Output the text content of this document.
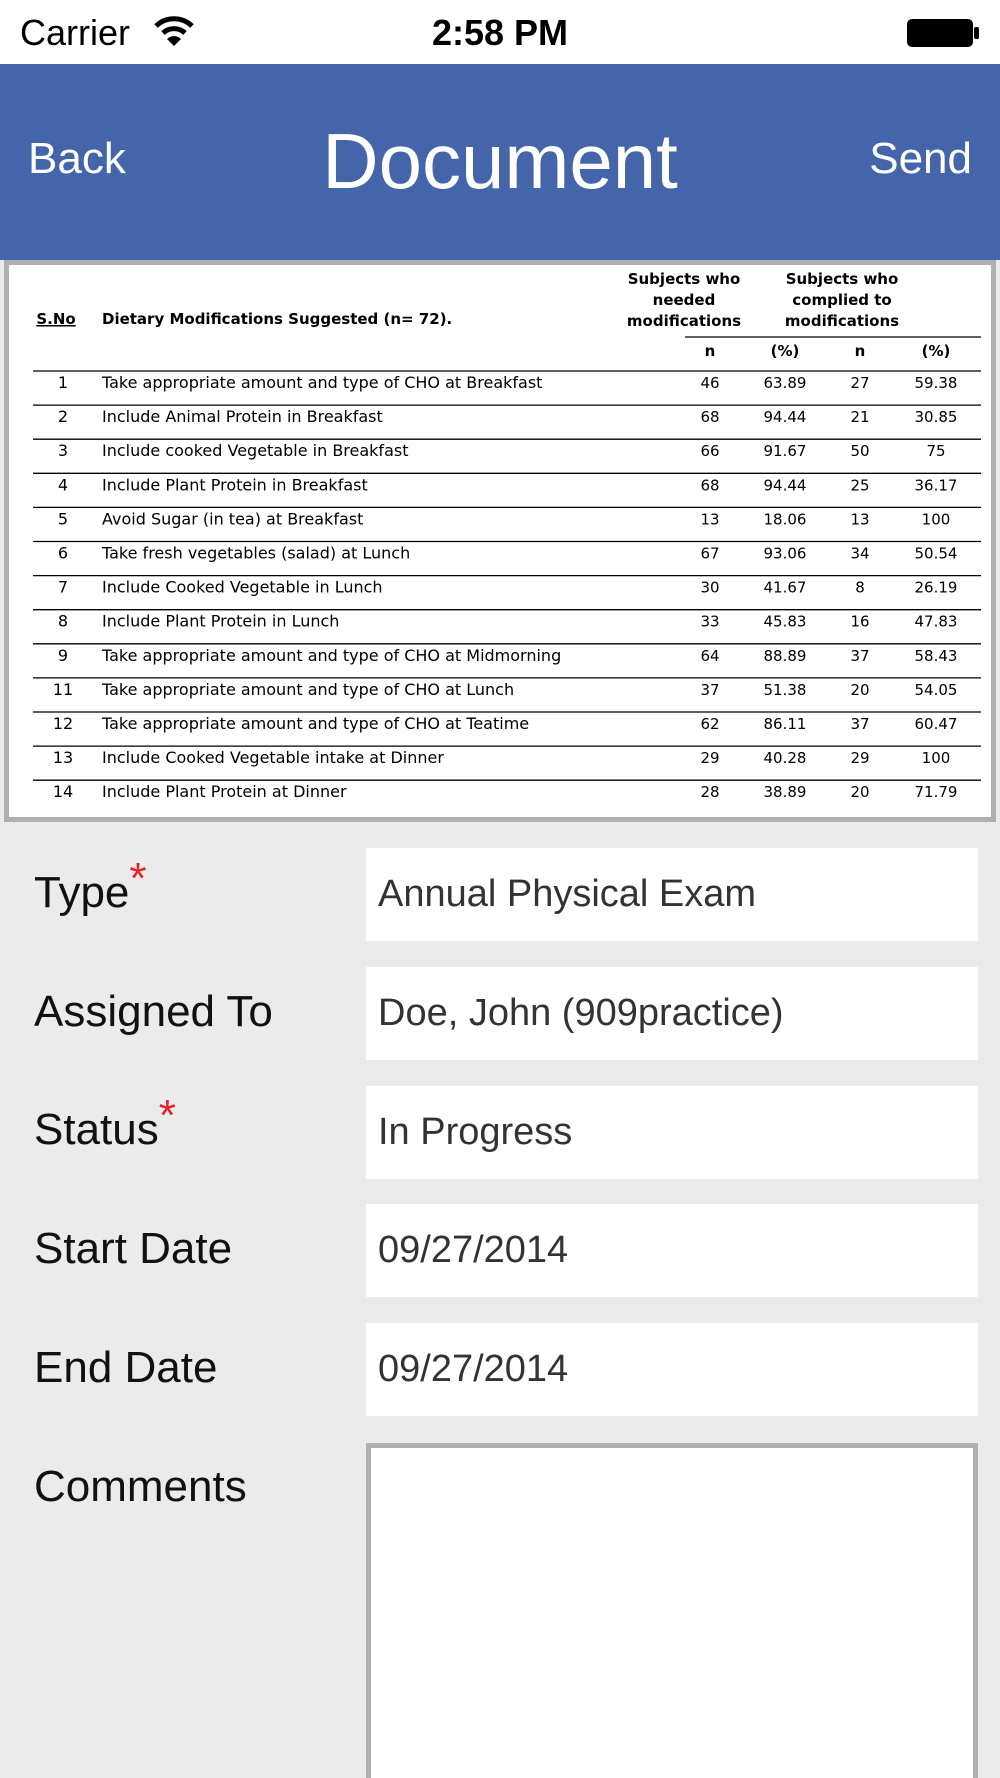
Carrier	2:58 PM
Back	Document	Send
S.No Dietary Modifications Suggested (n= 72).
Subjects who
needed
modifications
Subjects who
complied to
modifications
n	(%)	n	(%)
1 Take appropriate amount and type of CHO at Breakfast	46	63.89	27	59.38
2 Include Animal Protein in Breakfast	68	94.44	21	30.85
3 Include cooked Vegetable in Breakfast	66	91.67	50	75
4 Include Plant Protein in Breakfast	68	94.44	25	36.17
5 Avoid Sugar (in tea) at Breakfast	13	18.06	13	100
6 Take fresh vegetables (salad) at Lunch	67	93.06	34	50.54
7 Include Cooked Vegetable in Lunch	30	41.67	8	26.19
8 Include Plant Protein in Lunch	33	45.83	16	47.83
9 Take appropriate amount and type of CHO at Midmorning	64	88.89	37	58.43
11 Take appropriate amount and type of CHO at Lunch	37	51.38	20	54.05
12 Take appropriate amount and type of CHO at Teatime	62	86.11	37	60.47
13 Include Cooked Vegetable intake at Dinner	29	40.28	29	100
14 Include Plant Protein at Dinner	28	38.89	20	71.79
Type*
Annual Physical Exam
Assigned To
Doe, John (909practice)
Status*
In Progress
Start Date
09/27/2014
End Date
09/27/2014
Comments
